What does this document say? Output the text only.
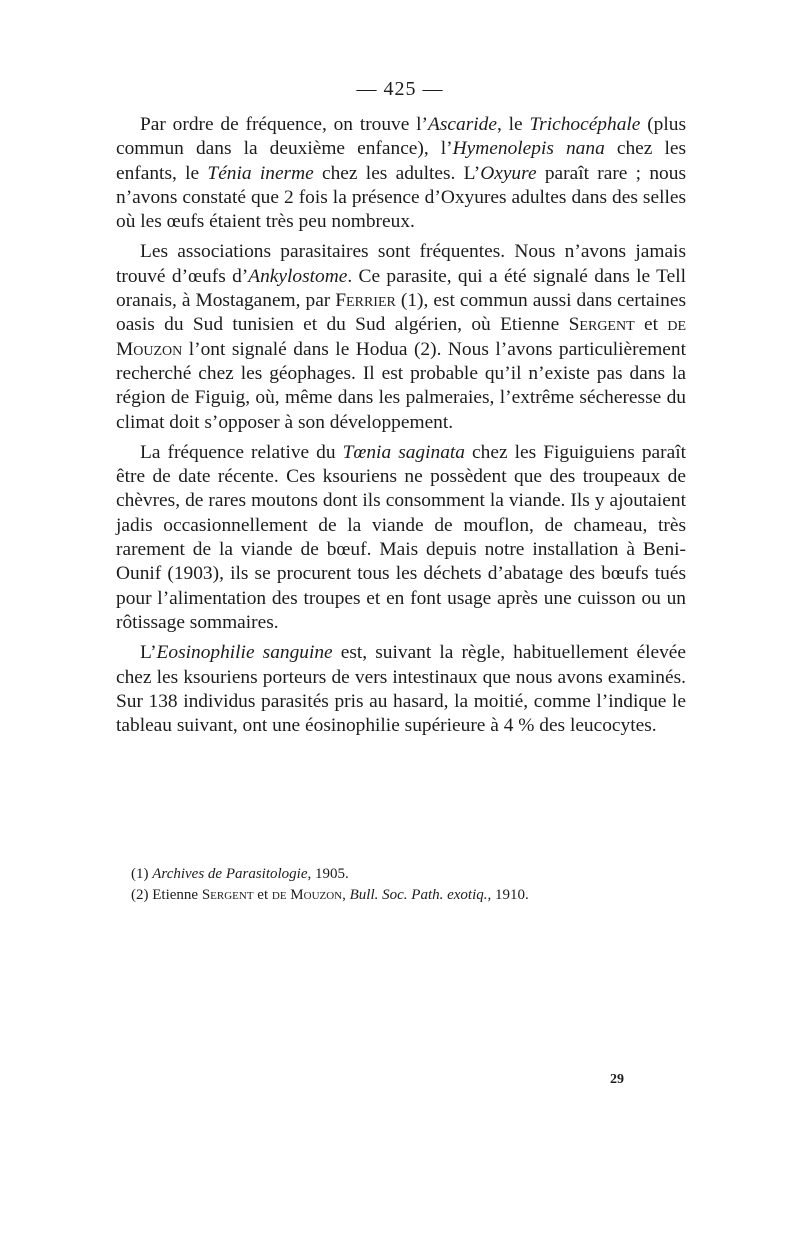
— 425 —

Par ordre de fréquence, on trouve l’Ascaride, le Trichocéphale (plus commun dans la deuxième enfance), l’Hymenolepis nana chez les enfants, le Ténia inerme chez les adultes. L’Oxyure paraît rare ; nous n’avons constaté que 2 fois la présence d’Oxyures adultes dans des selles où les œufs étaient très peu nombreux.

Les associations parasitaires sont fréquentes. Nous n’avons jamais trouvé d’œufs d’Ankylostome. Ce parasite, qui a été signalé dans le Tell oranais, à Mostaganem, par Ferrier (1), est commun aussi dans certaines oasis du Sud tunisien et du Sud algérien, où Etienne Sergent et de Mouzon l’ont signalé dans le Hodua (2). Nous l’avons particulièrement recherché chez les géophages. Il est probable qu’il n’existe pas dans la région de Figuig, où, même dans les palmeraies, l’extrême sécheresse du climat doit s’opposer à son développement.

La fréquence relative du Tœnia saginata chez les Figuiguiens paraît être de date récente. Ces ksouriens ne possèdent que des troupeaux de chèvres, de rares moutons dont ils consomment la viande. Ils y ajoutaient jadis occasionnellement de la viande de mouflon, de chameau, très rarement de la viande de bœuf. Mais depuis notre installation à Beni-Ounif (1903), ils se procurent tous les déchets d’abatage des bœufs tués pour l’alimentation des troupes et en font usage après une cuisson ou un rôtissage sommaires.

L’Eosinophilie sanguine est, suivant la règle, habituellement élevée chez les ksouriens porteurs de vers intestinaux que nous avons examinés. Sur 138 individus parasités pris au hasard, la moitié, comme l’indique le tableau suivant, ont une éosinophilie supérieure à 4 % des leucocytes.

(1) Archives de Parasitologie, 1905.
(2) Etienne Sergent et de Mouzon, Bull. Soc. Path. exotiq., 1910.
29
